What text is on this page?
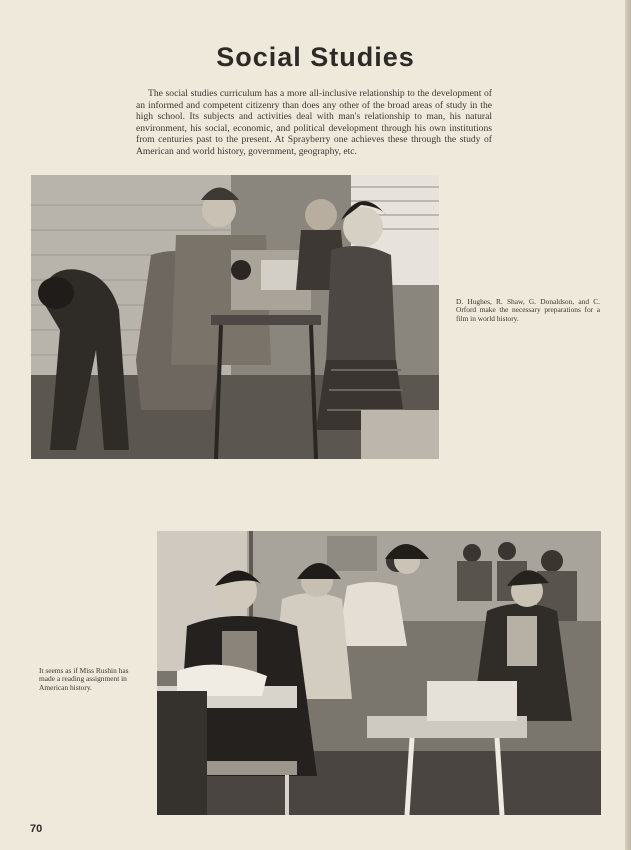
Social Studies

The social studies curriculum has a more all-inclusive relationship to the development of an informed and competent citizenry than does any other of the broad areas of study in the high school. Its subjects and activities deal with man's relationship to man, his natural environment, his social, economic, and political development through his own institutions from centuries past to the present. At Sprayberry one achieves these through the study of American and world history, government, geography, etc.

D. Hughes, R. Shaw, G. Donaldson, and C. Orford make the necessary preparations for a film in world history.

It seems as if Miss Rushin has made a reading assignment in American history.

70
